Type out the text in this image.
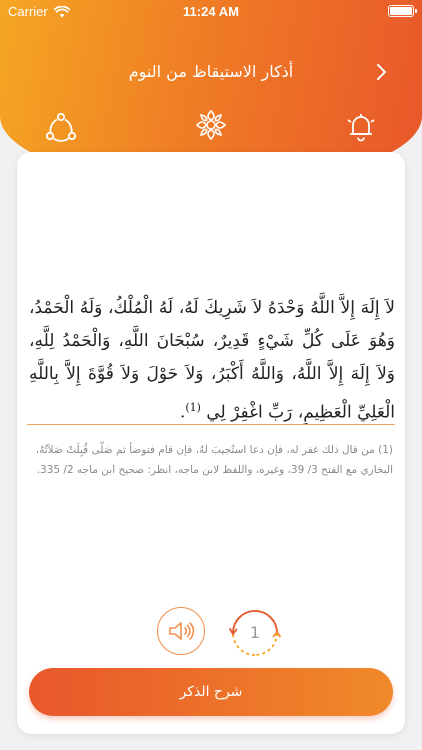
Carrier	11:24 AM
أذكار الاستيقاظ من النوم
لاَ إِلَهَ إِلاَّ اللَّهُ وَحْدَهُ لاَ شَرِيكَ لَهُ، لَهُ الْمُلْكُ، وَلَهُ الْحَمْدُ، وَهُوَ عَلَى كُلِّ شَيْءٍ قَدِيرٌ، سُبْحَانَ اللَّهِ، وَالْحَمْدُ لِلَّهِ، وَلاَ إِلَهَ إِلاَّ اللَّهُ، وَاللَّهُ أَكْبَرُ، وَلاَ حَوْلَ وَلاَ قُوَّةَ إِلاَّ بِاللَّهِ الْعَلِيِّ الْعَظِيمِ، رَبِّ اغْفِرْ لِي $^{(1)}$.
(1) من قال ذلك غفر له، فإن دعا استُجيبَ لهُ، فإن قام فتوضأ ثم صَلّى قُبِلَتْ صَلاَتُهُ، البخاري مع الفتح 3/ 39، وغيره، واللفظ لابن ماجه، انظر: صحيح ابن ماجه 2/ 335.
1
شرح الذكر
